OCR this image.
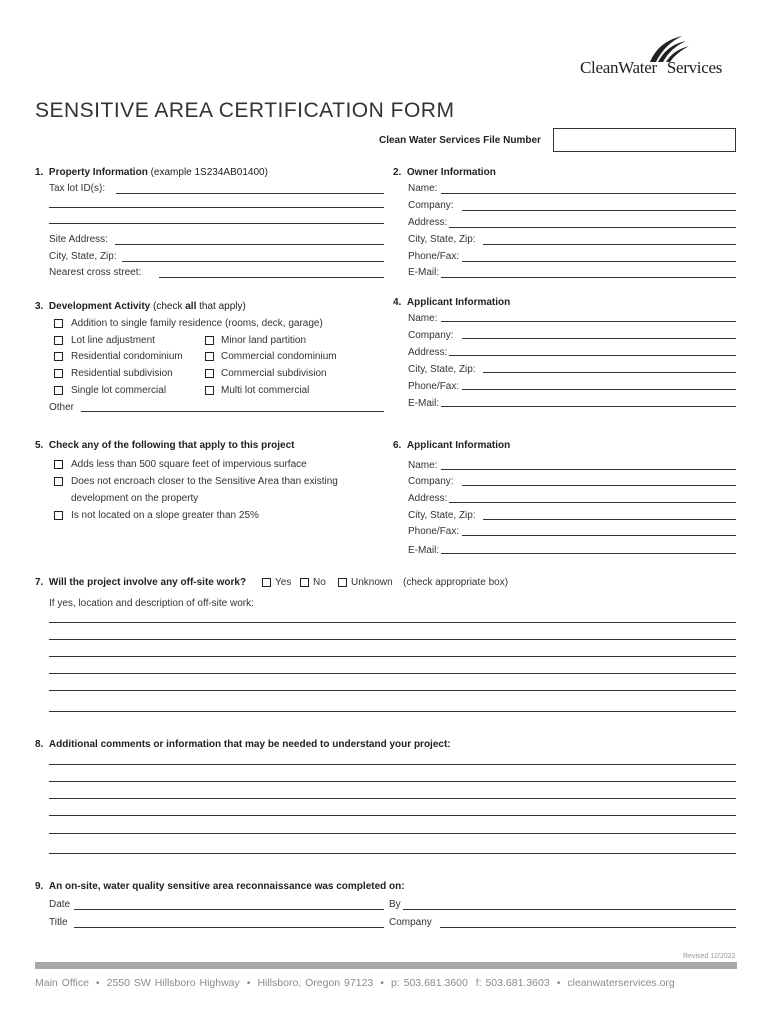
CleanWater Services
SENSITIVE AREA CERTIFICATION FORM
Clean Water Services File Number
1. Property Information (example 1S234AB01400)
Tax lot ID(s):
Site Address:
City, State, Zip:
Nearest cross street:
2. Owner Information
Name:
Company:
Address:
City, State, Zip:
Phone/Fax:
E-Mail:
3. Development Activity (check all that apply)
Addition to single family residence (rooms, deck, garage)
Lot line adjustment	Minor land partition
Residential condominium	Commercial condominium
Residential subdivision	Commercial subdivision
Single lot commercial	Multi lot commercial
Other
4. Applicant Information
Name:
Company:
Address:
City, State, Zip:
Phone/Fax:
E-Mail:
5. Check any of the following that apply to this project
Adds less than 500 square feet of impervious surface
Does not encroach closer to the Sensitive Area than existing
development on the property
Is not located on a slope greater than 25%
6. Applicant Information
Name:
Company:
Address:
City, State, Zip:
Phone/Fax:
E-Mail:
7. Will the project involve any off-site work?	Yes No	Unknown (check appropriate box)
If yes, location and description of off-site work:
8. Additional comments or information that may be needed to understand your project:
9. An on-site, water quality sensitive area reconnaissance was completed on:
Date	By
Title	Company
Revised 12/2022
Main Office • 2550 SW Hillsboro Highway • Hillsboro, Oregon 97123 • p: 503.681.3600 f: 503.681.3603 • cleanwaterservices.org
